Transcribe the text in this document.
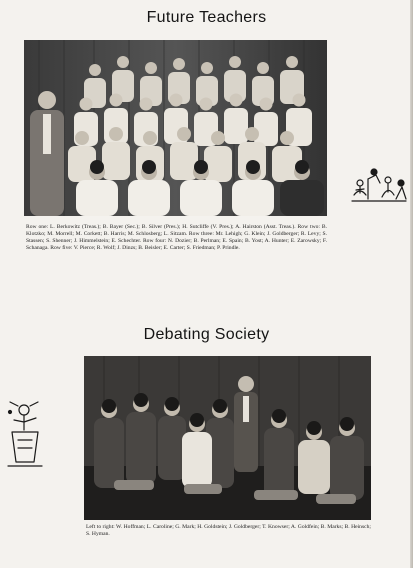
Future Teachers

Row one: L. Berkowitz (Treas.); B. Bayer (Sec.); B. Silver (Pres.); H. Sutcliffe (V. Pres.); A. Hairston (Asst. Treas.). Row two: B. Klotzko; M. Morrell; M. Corkett; B. Harris; M. Schlosberg; L. Sitzam. Row three: Mr. Lehigh; G. Klein; J. Goldberger; R. Levy; S. Stassen; S. Shenner; J. Himmelstein; E. Schechter. Row four: N. Dozier; B. Perlman; E. Spain; B. Yost; A. Hunter; E. Zarowsky; F. Schanaga. Row five: V. Pierce; R. Wolf; J. Dinzs; B. Beisler; E. Carter; S. Friedman; P. Prindle.

Debating Society

Left to right: W. Hoffman; L. Caroline; G. Mark; H. Goldstein; J. Goldberger; T. Knowser; A. Goldfein; B. Marks; B. Heinsch; S. Hyman.
